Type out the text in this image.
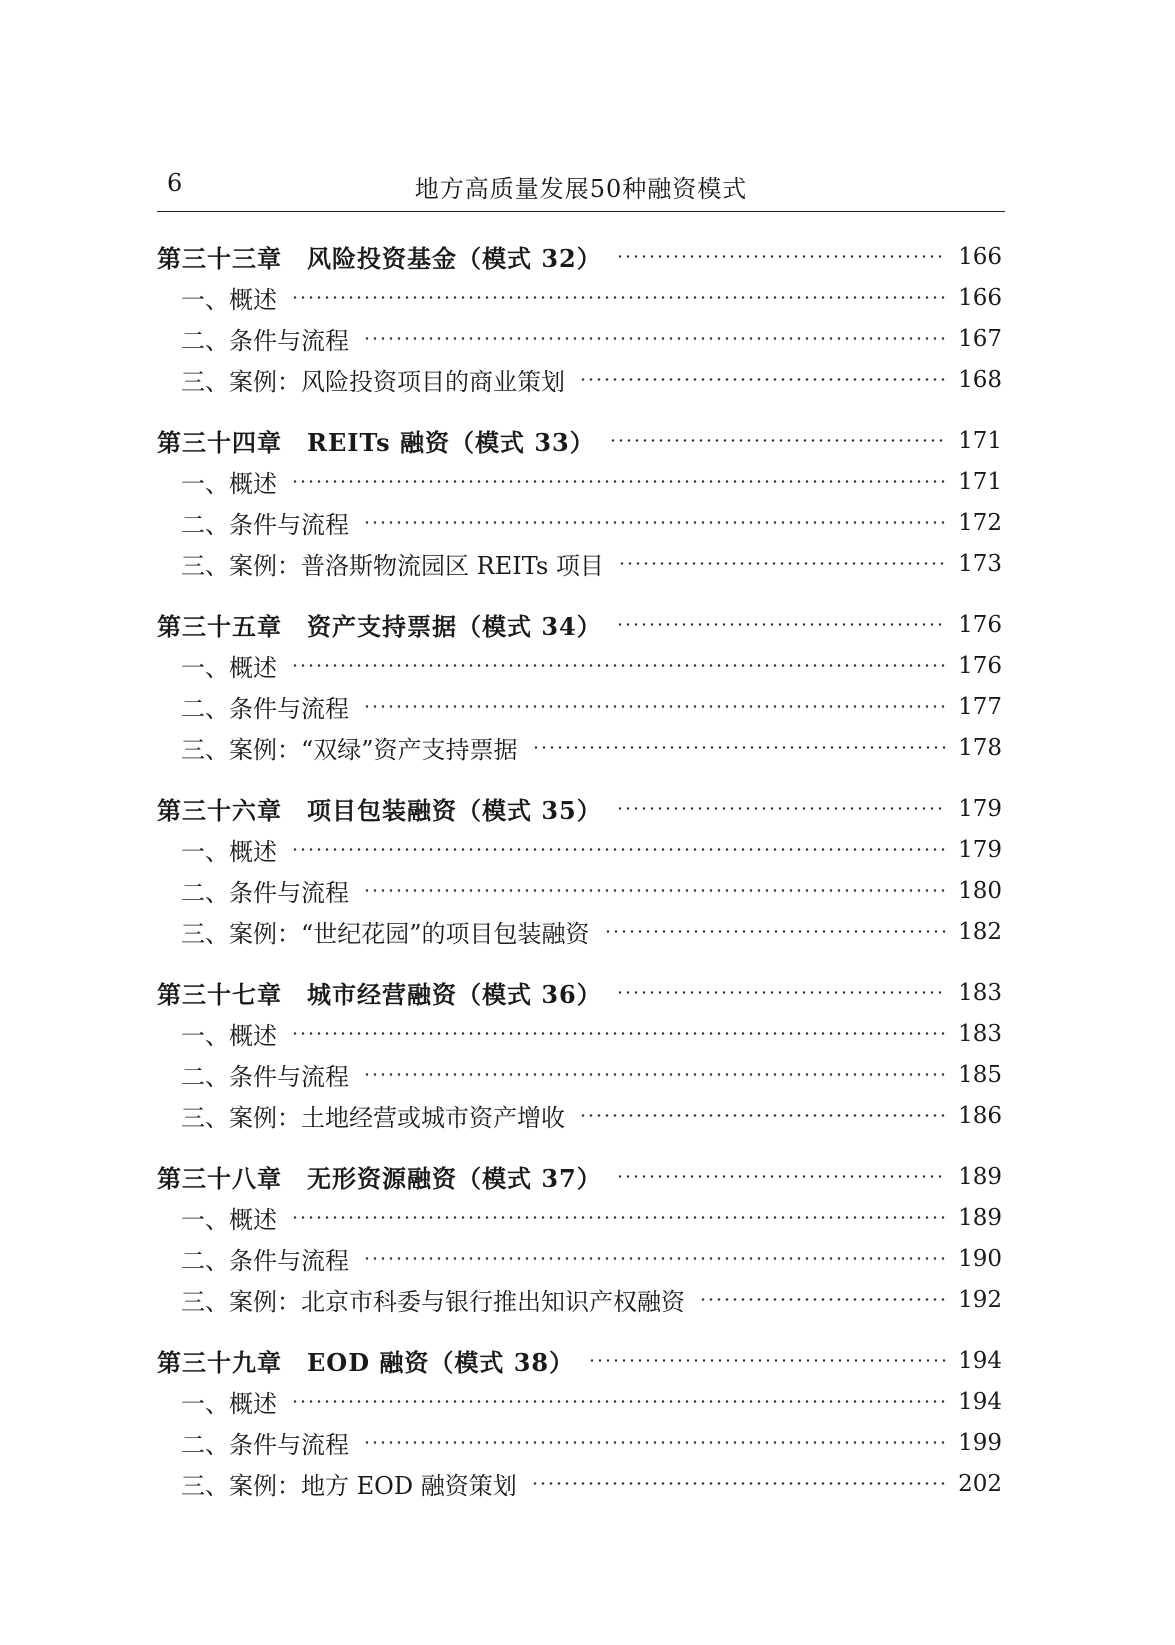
6	地方高质量发展50种融资模式
第三十三章　风险投资基金（模式 32）	166
一、概述	166
二、条件与流程	167
三、案例：风险投资项目的商业策划	168
第三十四章　REITs 融资（模式 33）	171
一、概述	171
二、条件与流程	172
三、案例：普洛斯物流园区 REITs 项目	173
第三十五章　资产支持票据（模式 34）	176
一、概述	176
二、条件与流程	177
三、案例：“双绿”资产支持票据	178
第三十六章　项目包装融资（模式 35）	179
一、概述	179
二、条件与流程	180
三、案例：“世纪花园”的项目包装融资	182
第三十七章　城市经营融资（模式 36）	183
一、概述	183
二、条件与流程	185
三、案例：土地经营或城市资产增收	186
第三十八章　无形资源融资（模式 37）	189
一、概述	189
二、条件与流程	190
三、案例：北京市科委与银行推出知识产权融资	192
第三十九章　EOD 融资（模式 38）	194
一、概述	194
二、条件与流程	199
三、案例：地方 EOD 融资策划	202
